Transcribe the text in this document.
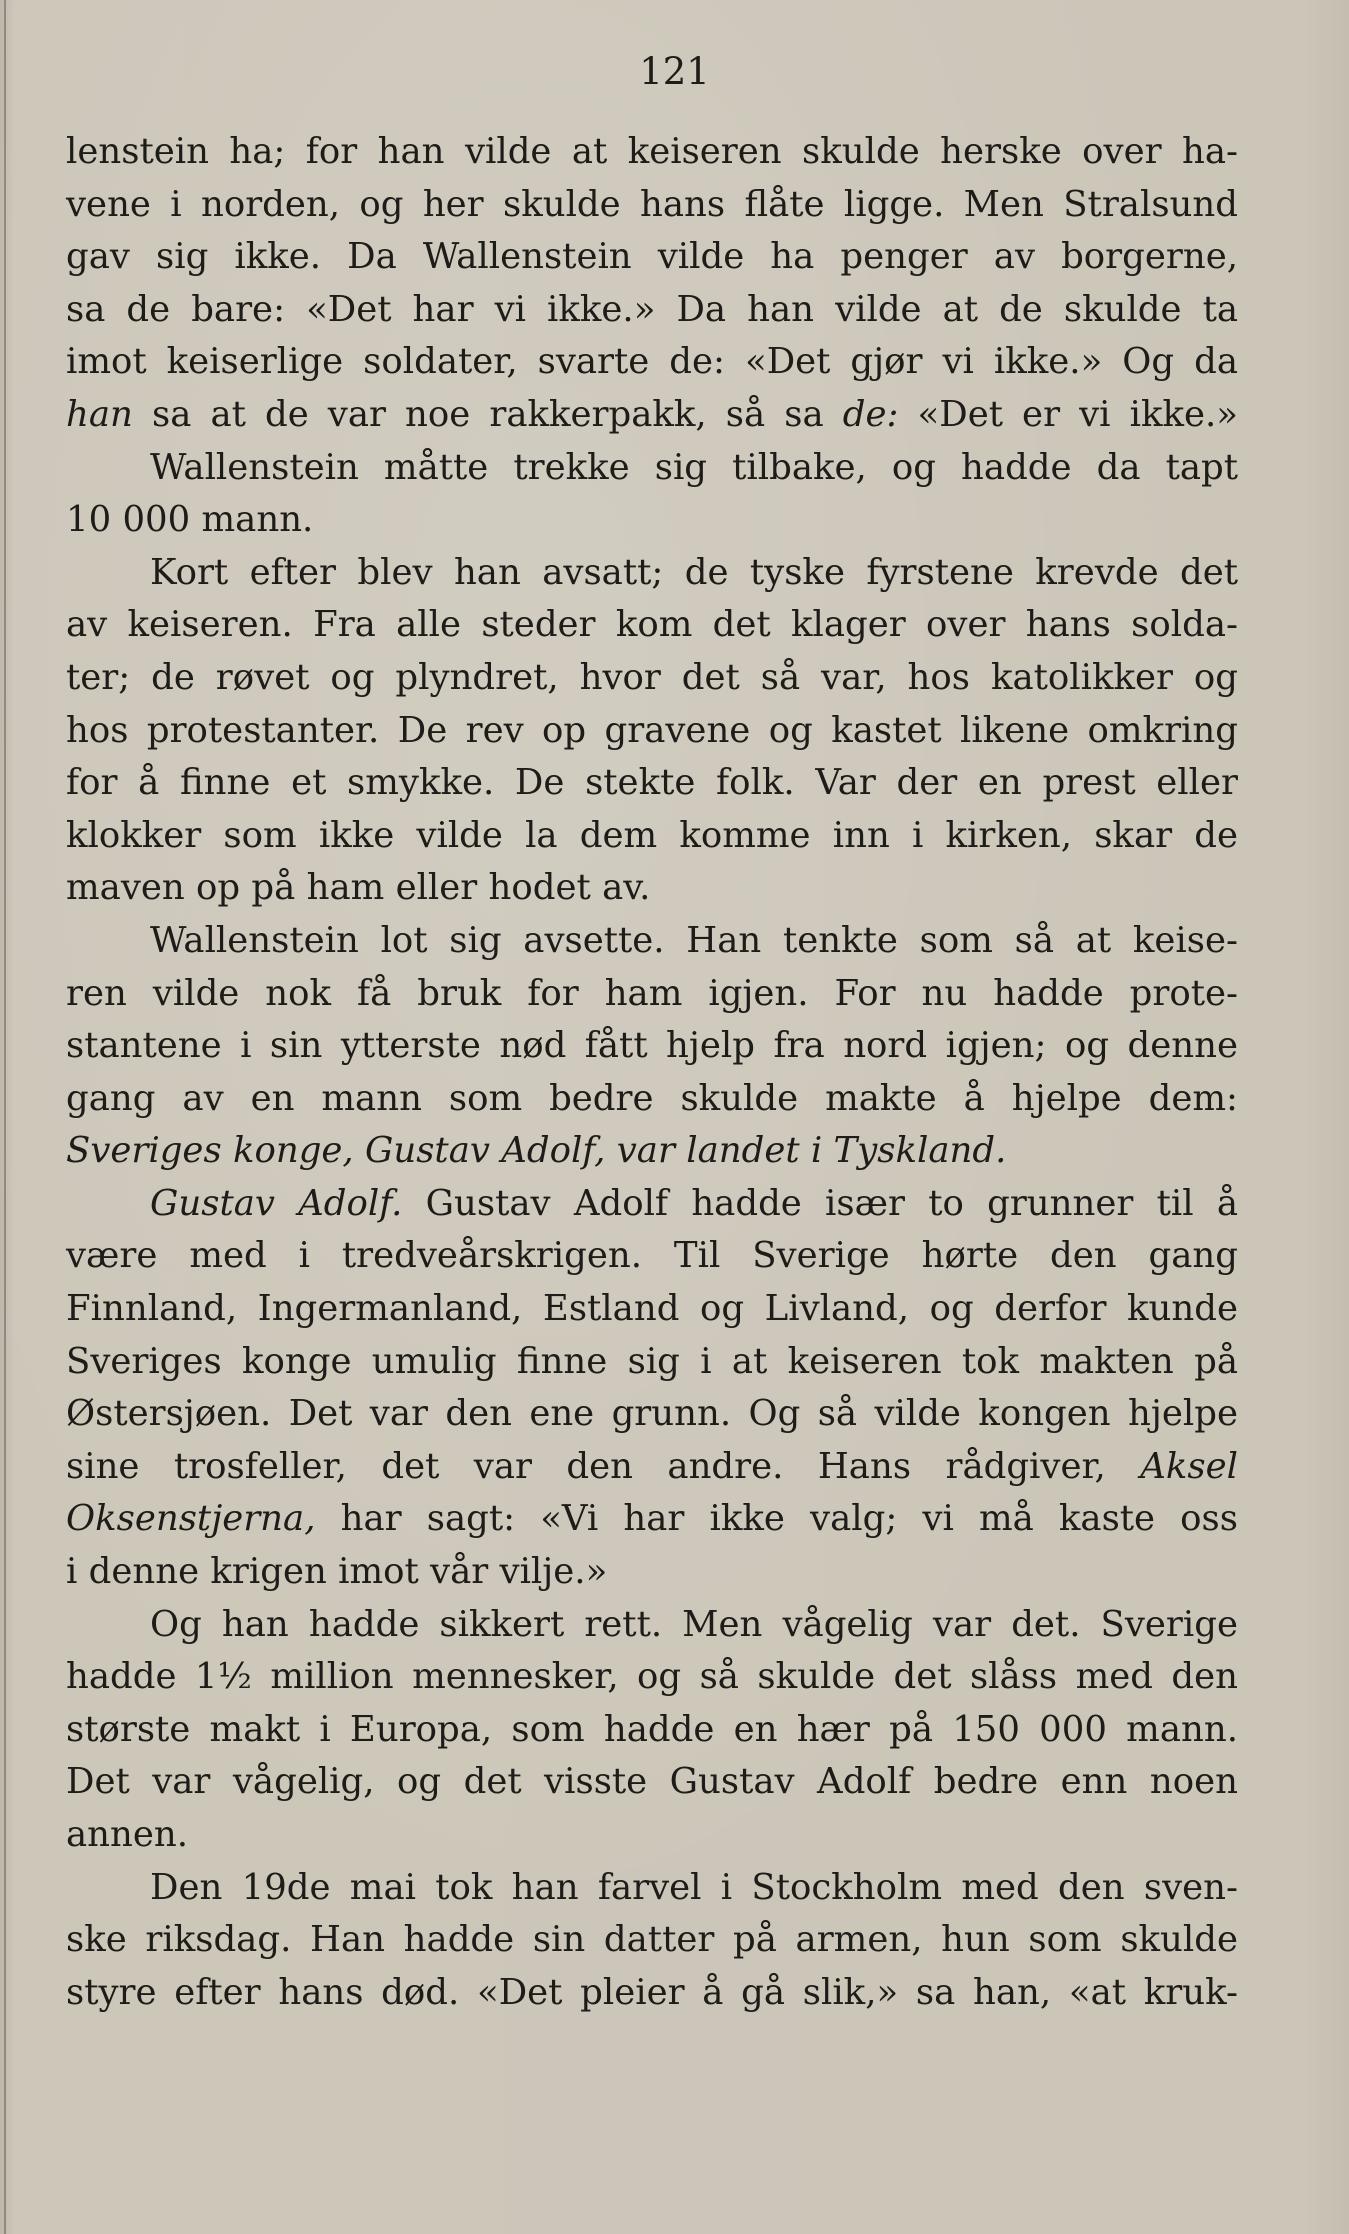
121
lenstein ha; for han vilde at keiseren skulde herske over ha-
vene i norden, og her skulde hans flåte ligge. Men Stralsund
gav sig ikke. Da Wallenstein vilde ha penger av borgerne,
sa de bare: «Det har vi ikke.» Da han vilde at de skulde ta
imot keiserlige soldater, svarte de: «Det gjør vi ikke.» Og da
han sa at de var noe rakkerpakk, så sa de: «Det er vi ikke.»
Wallenstein måtte trekke sig tilbake, og hadde da tapt
10 000 mann.
Kort efter blev han avsatt; de tyske fyrstene krevde det
av keiseren. Fra alle steder kom det klager over hans solda-
ter; de røvet og plyndret, hvor det så var, hos katolikker og
hos protestanter. De rev op gravene og kastet likene omkring
for å finne et smykke. De stekte folk. Var der en prest eller
klokker som ikke vilde la dem komme inn i kirken, skar de
maven op på ham eller hodet av.
Wallenstein lot sig avsette. Han tenkte som så at keise-
ren vilde nok få bruk for ham igjen. For nu hadde prote-
stantene i sin ytterste nød fått hjelp fra nord igjen; og denne
gang av en mann som bedre skulde makte å hjelpe dem:
Sveriges konge, Gustav Adolf, var landet i Tyskland.
Gustav Adolf. Gustav Adolf hadde især to grunner til å
være med i tredveårskrigen. Til Sverige hørte den gang
Finnland, Ingermanland, Estland og Livland, og derfor kunde
Sveriges konge umulig finne sig i at keiseren tok makten på
Østersjøen. Det var den ene grunn. Og så vilde kongen hjelpe
sine trosfeller, det var den andre. Hans rådgiver, Aksel
Oksenstjerna, har sagt: «Vi har ikke valg; vi må kaste oss
i denne krigen imot vår vilje.»
Og han hadde sikkert rett. Men vågelig var det. Sverige
hadde 1½ million mennesker, og så skulde det slåss med den
største makt i Europa, som hadde en hær på 150 000 mann.
Det var vågelig, og det visste Gustav Adolf bedre enn noen
annen.
Den 19de mai tok han farvel i Stockholm med den sven-
ske riksdag. Han hadde sin datter på armen, hun som skulde
styre efter hans død. «Det pleier å gå slik,» sa han, «at kruk-
